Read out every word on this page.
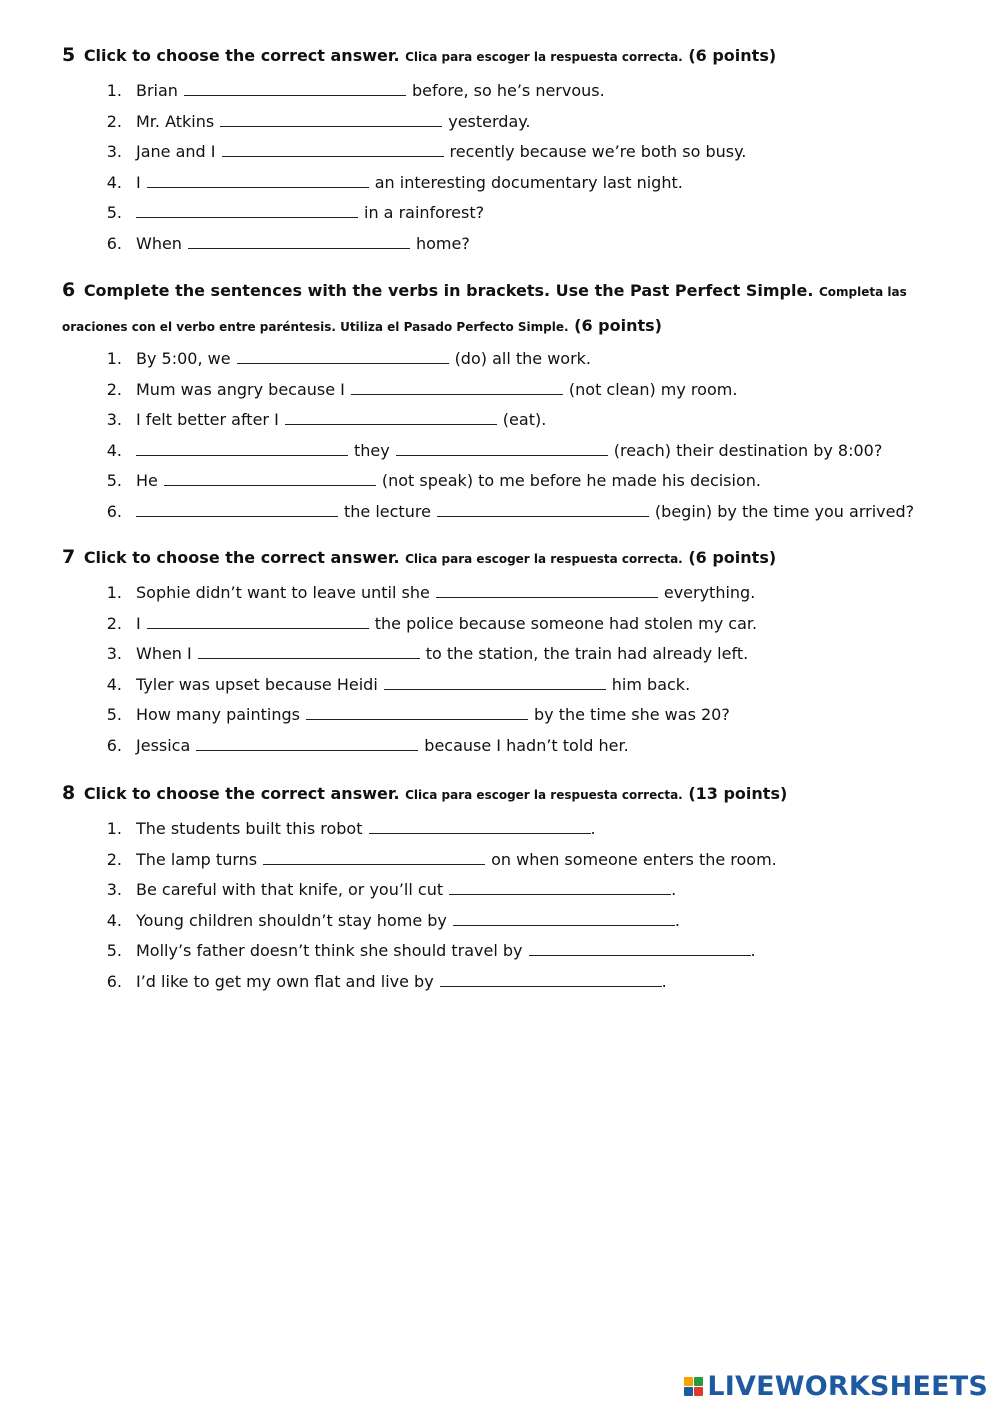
5 Click to choose the correct answer. Clica para escoger la respuesta correcta. (6 points)

1. Brian	before, so he’s nervous.
2. Mr. Atkins	yesterday.
3. Jane and I	recently because we’re both so busy.
4. I	an interesting documentary last night.
5.	in a rainforest?
6. When	home?

6 Complete the sentences with the verbs in brackets. Use the Past Perfect Simple. Completa las oraciones con el verbo entre paréntesis. Utiliza el Pasado Perfecto Simple. (6 points)

1. By 5:00, we	(do) all the work.
2. Mum was angry because I	(not clean) my room.
3. I felt better after I	(eat).
4.	they	(reach) their destination by 8:00?
5. He	(not speak) to me before he made his decision.
6.	the lecture	(begin) by the time you arrived?

7 Click to choose the correct answer. Clica para escoger la respuesta correcta. (6 points)

1. Sophie didn’t want to leave until she	everything.
2. I	the police because someone had stolen my car.
3. When I	to the station, the train had already left.
4. Tyler was upset because Heidi	him back.
5. How many paintings	by the time she was 20?
6. Jessica	because I hadn’t told her.

8 Click to choose the correct answer. Clica para escoger la respuesta correcta. (13 points)

1. The students built this robot	.
2. The lamp turns	on when someone enters the room.
3. Be careful with that knife, or you’ll cut	.
4. Young children shouldn’t stay home by	.
5. Molly’s father doesn’t think she should travel by	.
6. I’d like to get my own flat and live by	.
LIVEWORKSHEETS
